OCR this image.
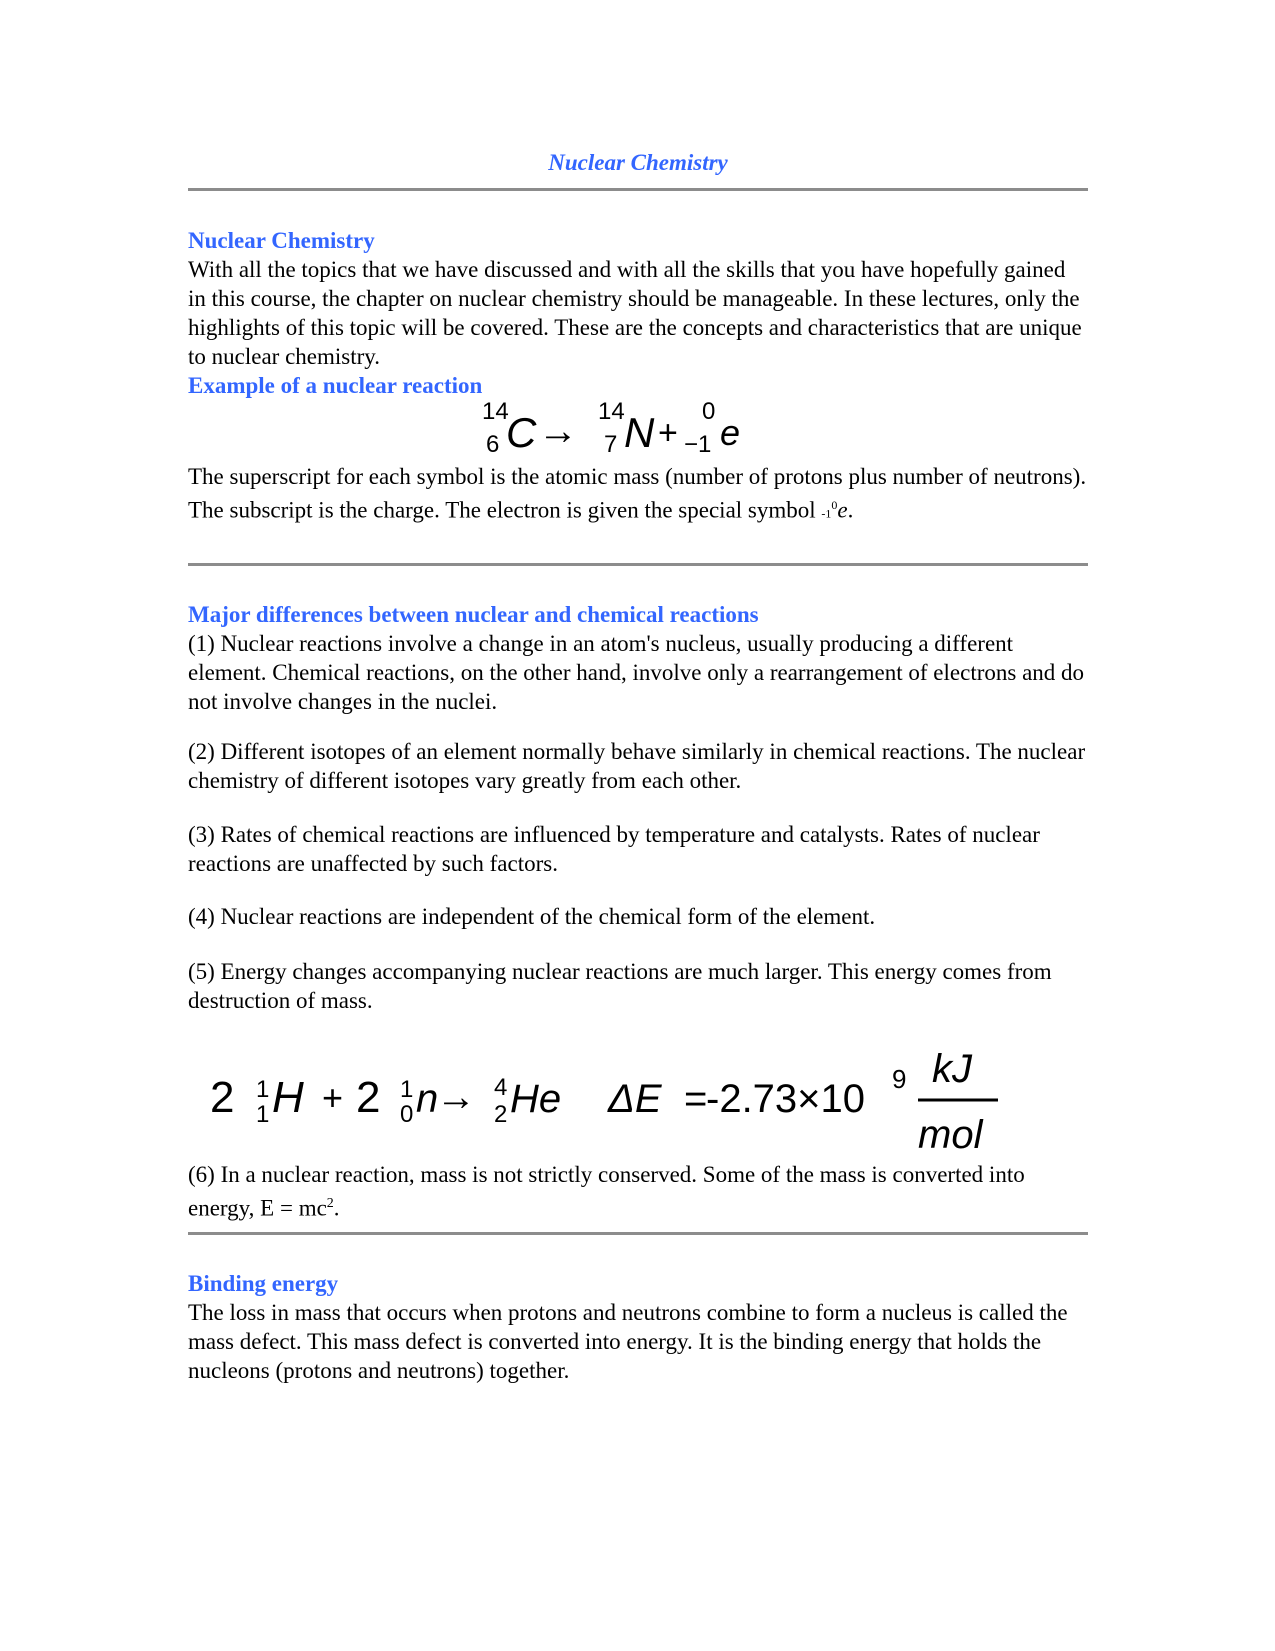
Nuclear Chemistry
Nuclear Chemistry
With all the topics that we have discussed and with all the skills that you have hopefully gained in this course, the chapter on nuclear chemistry should be manageable. In these lectures, only the highlights of this topic will be covered. These are the concepts and characteristics that are unique to nuclear chemistry.
Example of a nuclear reaction
14
6 C → 14
7 N +
0
−1 e
The superscript for each symbol is the atomic mass (number of protons plus number of neutrons).
The subscript is the charge. The electron is given the special symbol $-1^0e$.
Major differences between nuclear and chemical reactions
(1) Nuclear reactions involve a change in an atom's nucleus, usually producing a different element. Chemical reactions, on the other hand, involve only a rearrangement of electrons and do not involve changes in the nuclei.
(2) Different isotopes of an element normally behave similarly in chemical reactions. The nuclear chemistry of different isotopes vary greatly from each other.
(3) Rates of chemical reactions are influenced by temperature and catalysts. Rates of nuclear reactions are unaffected by such factors.
(4) Nuclear reactions are independent of the chemical form of the element.
(5) Energy changes accompanying nuclear reactions are much larger. This energy comes from destruction of mass.
2 1
1 H + 2 1
0 n
→ 4
2 He ΔE =
-2.73×10 9 kJ
mol
(6) In a nuclear reaction, mass is not strictly conserved. Some of the mass is converted into energy, $E = mc^2$.
Binding energy
The loss in mass that occurs when protons and neutrons combine to form a nucleus is called the mass defect. This mass defect is converted into energy. It is the binding energy that holds the nucleons (protons and neutrons) together.
